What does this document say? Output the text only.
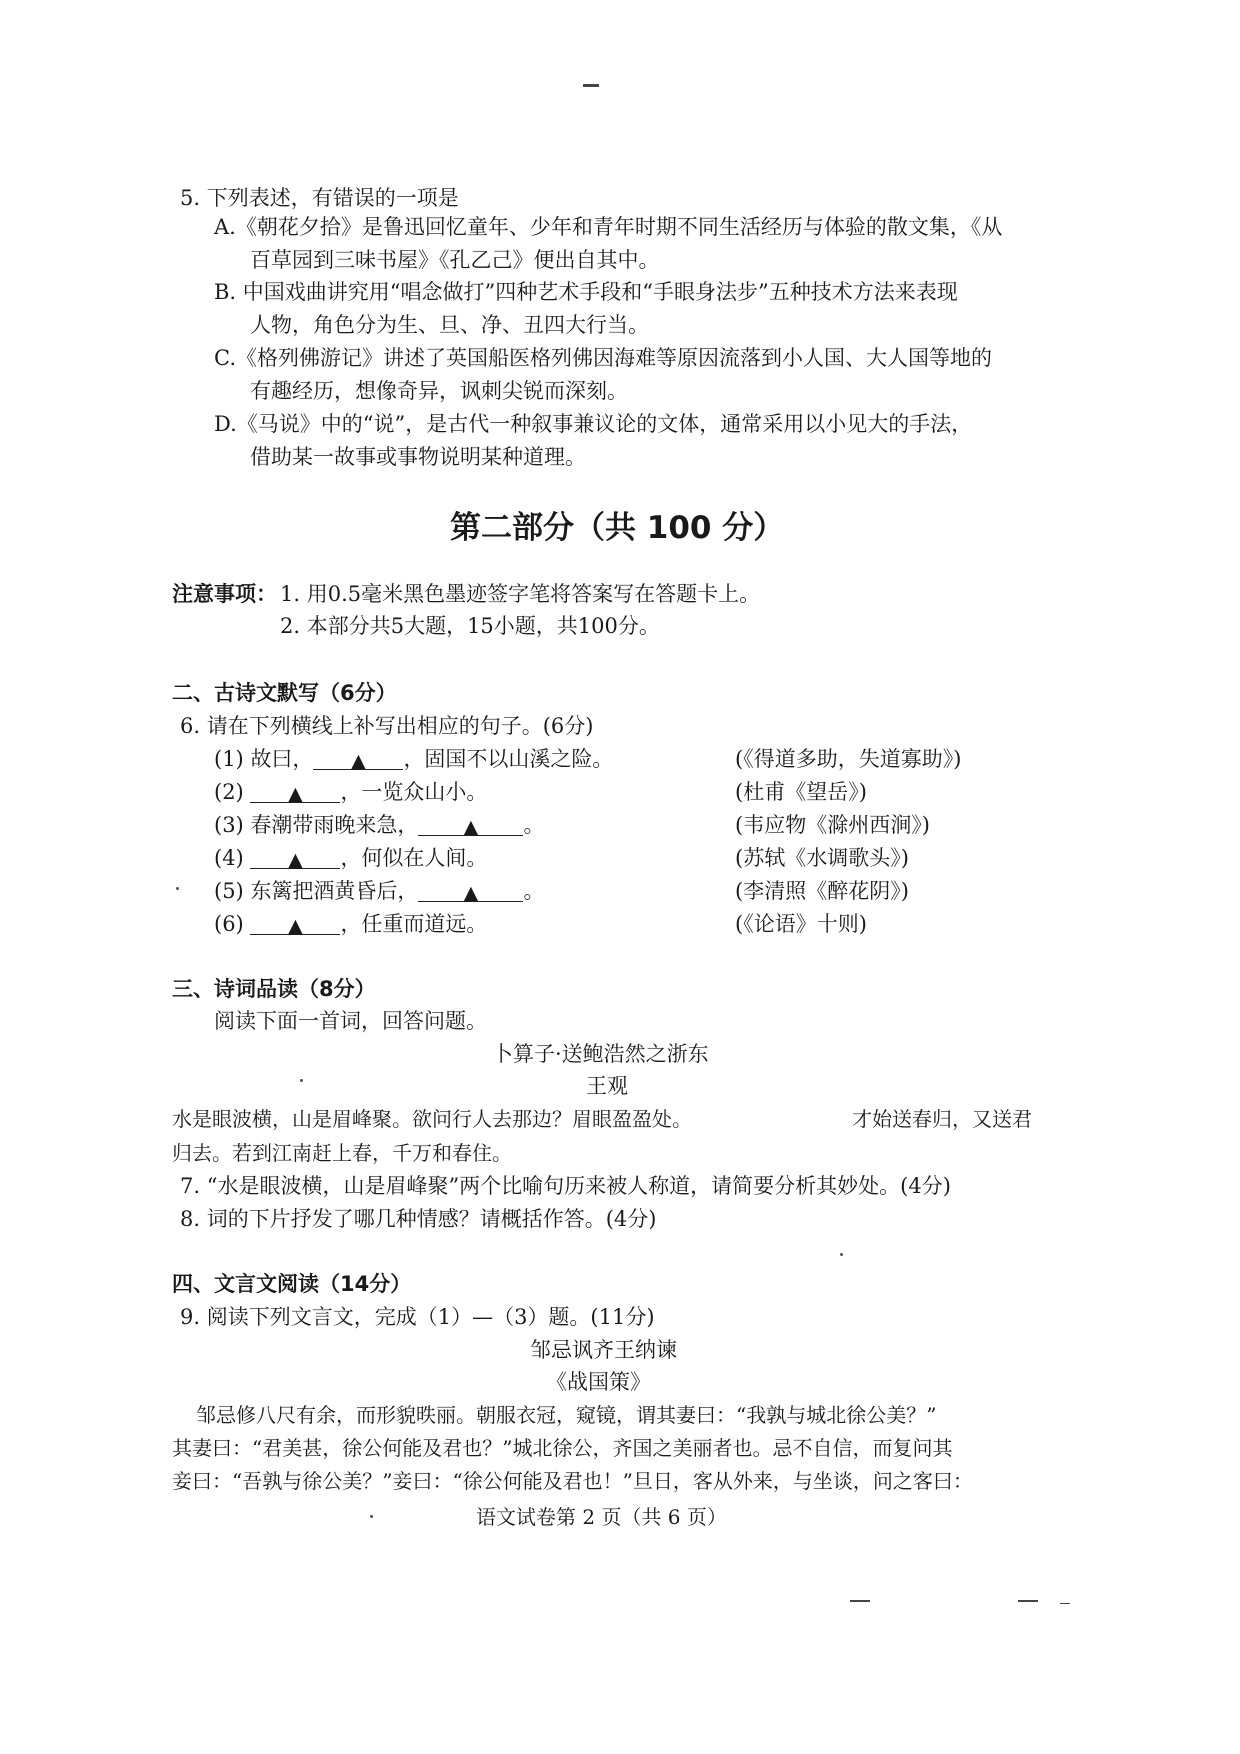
5. 下列表述，有错误的一项是
A.《朝花夕拾》是鲁迅回忆童年、少年和青年时期不同生活经历与体验的散文集，《从
百草园到三味书屋》《孔乙己》便出自其中。
B. 中国戏曲讲究用“唱念做打”四种艺术手段和“手眼身法步”五种技术方法来表现
人物，角色分为生、旦、净、丑四大行当。
C.《格列佛游记》讲述了英国船医格列佛因海难等原因流落到小人国、大人国等地的
有趣经历，想像奇异，讽刺尖锐而深刻。
D.《马说》中的“说”，是古代一种叙事兼议论的文体，通常采用以小见大的手法，
借助某一故事或事物说明某种道理。
第二部分（共 100 分）
注意事项： 1. 用0.5毫米黑色墨迹签字笔将答案写在答题卡上。
2. 本部分共5大题，15小题，共100分。
二、古诗文默写（6分）
6. 请在下列横线上补写出相应的句子。(6分)
(1) 故曰， ▲ ，固国不以山溪之险。	(《得道多助，失道寡助》)
(2) ▲ ，一览众山小。	(杜甫《望岳》)
(3) 春潮带雨晚来急， ▲ 。	(韦应物《滁州西涧》)
(4) ▲ ，何似在人间。	(苏轼《水调歌头》)
(5) 东篱把酒黄昏后， ▲ 。	(李清照《醉花阴》)
(6) ▲ ，任重而道远。	(《论语》十则)
三、诗词品读（8分）
阅读下面一首词，回答问题。
卜算子·送鲍浩然之浙东
王观
水是眼波横，山是眉峰聚。欲问行人去那边？眉眼盈盈处。	才始送春归，又送君
归去。若到江南赶上春，千万和春住。
7. “水是眼波横，山是眉峰聚”两个比喻句历来被人称道，请简要分析其妙处。(4分)
8. 词的下片抒发了哪几种情感？请概括作答。(4分)
四、文言文阅读（14分）
9. 阅读下列文言文，完成（1）—（3）题。(11分)
邹忌讽齐王纳谏
《战国策》
邹忌修八尺有余，而形貌昳丽。朝服衣冠，窥镜，谓其妻曰：“我孰与城北徐公美？”
其妻曰：“君美甚，徐公何能及君也？”城北徐公，齐国之美丽者也。忌不自信，而复问其
妾曰：“吾孰与徐公美？”妾曰：“徐公何能及君也！”旦日，客从外来，与坐谈，问之客曰：
语文试卷第 2 页（共 6 页）
